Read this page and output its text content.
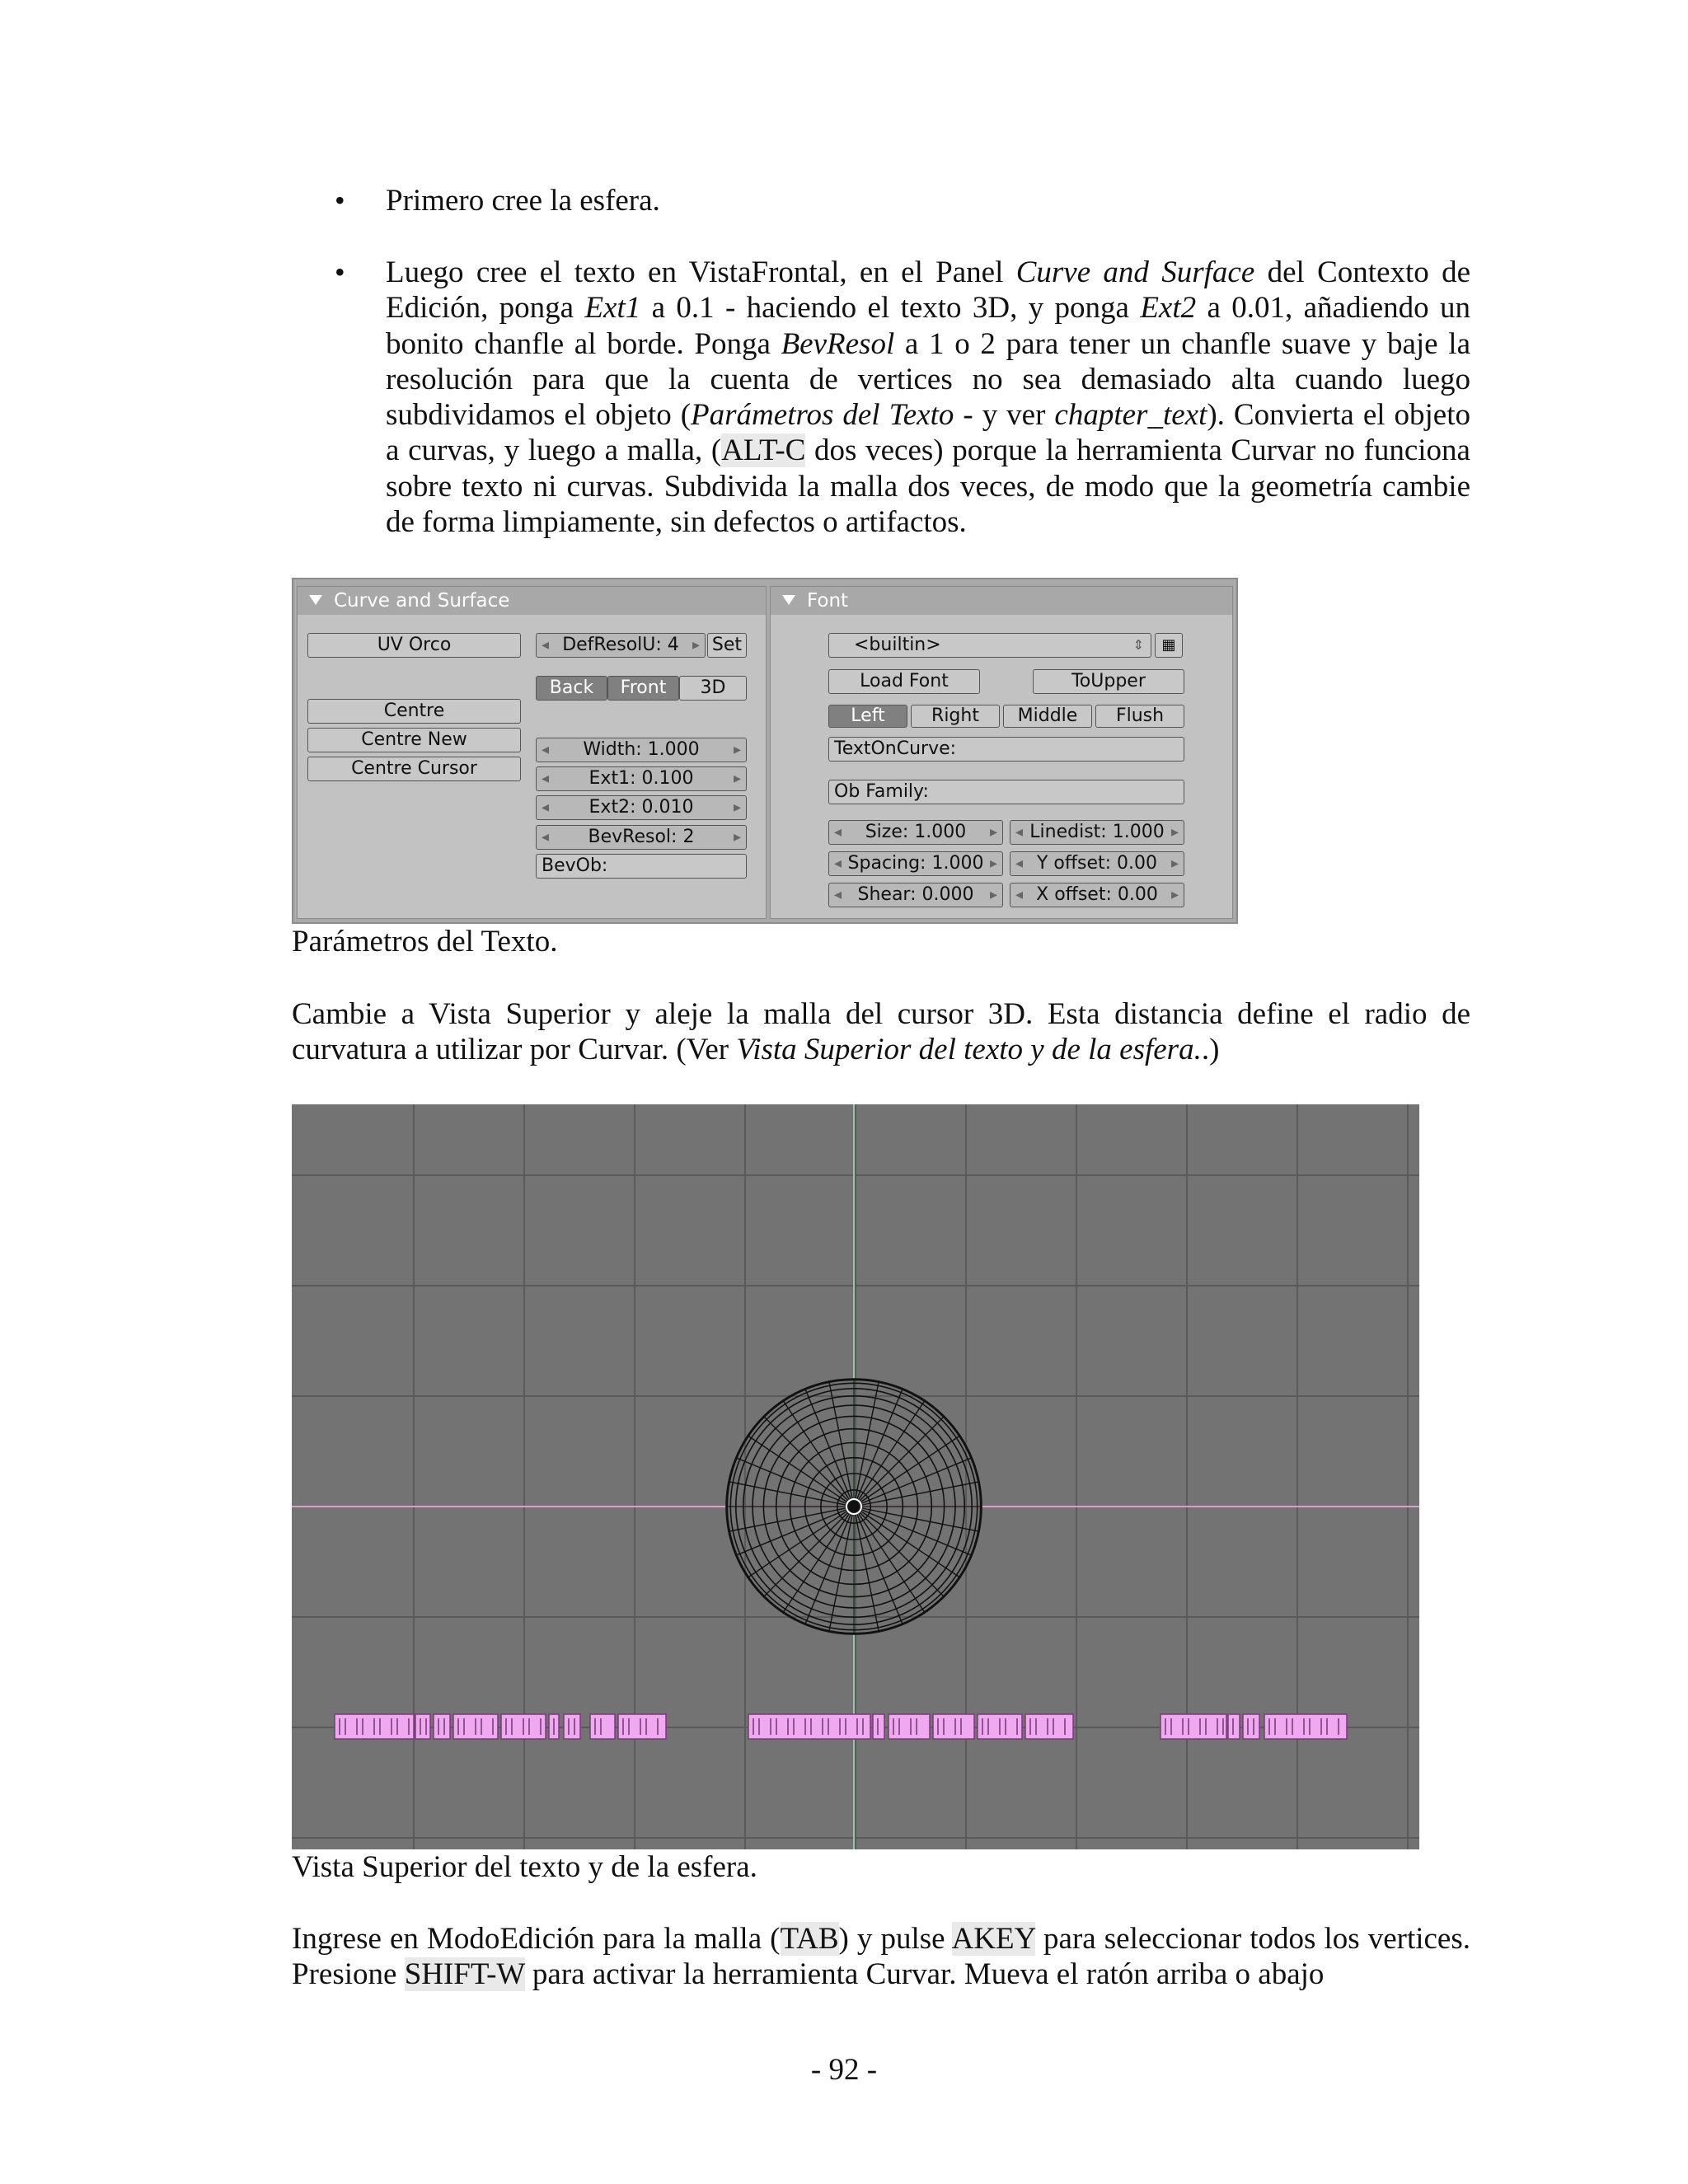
• Primero cree la esfera.
• Luego cree el texto en VistaFrontal, en el Panel Curve and Surface del Contexto de Edición, ponga Ext1 a 0.1 - haciendo el texto 3D, y ponga Ext2 a 0.01, añadiendo un bonito chanfle al borde. Ponga BevResol a 1 o 2 para tener un chanfle suave y baje la resolución para que la cuenta de vertices no sea demasiado alta cuando luego subdividamos el objeto (Parámetros del Texto - y ver chapter_text). Convierta el objeto a curvas, y luego a malla, (ALT-C dos veces) porque la herramienta Curvar no funciona sobre texto ni curvas. Subdivida la malla dos veces, de modo que la geometría cambie de forma limpiamente, sin defectos o artifactos.
Curve and Surface
UV Orco
Centre
Centre New
Centre Cursor
◂ DefResolU: 4 ▸	Set
Back	Front	3D
◂ Width: 1.000 ▸
◂ Ext1: 0.100 ▸
◂ Ext2: 0.010 ▸
◂ BevResol: 2 ▸
BevOb:
Font
<builtin>	⇕	▦
Load Font	ToUpper
Left	Right	Middle	Flush
TextOnCurve:
Ob Family:
◂ Size: 1.000 ▸	◂ Linedist: 1.000 ▸
◂ Spacing: 1.000 ▸	◂ Y offset: 0.00 ▸
◂ Shear: 0.000 ▸	◂ X offset: 0.00 ▸
Parámetros del Texto.
Cambie a Vista Superior y aleje la malla del cursor 3D. Esta distancia define el radio de curvatura a utilizar por Curvar. (Ver Vista Superior del texto y de la esfera..)
Vista Superior del texto y de la esfera.
Ingrese en ModoEdición para la malla (TAB) y pulse AKEY para seleccionar todos los vertices. Presione SHIFT-W para activar la herramienta Curvar. Mueva el ratón arriba o abajo
- 92 -
